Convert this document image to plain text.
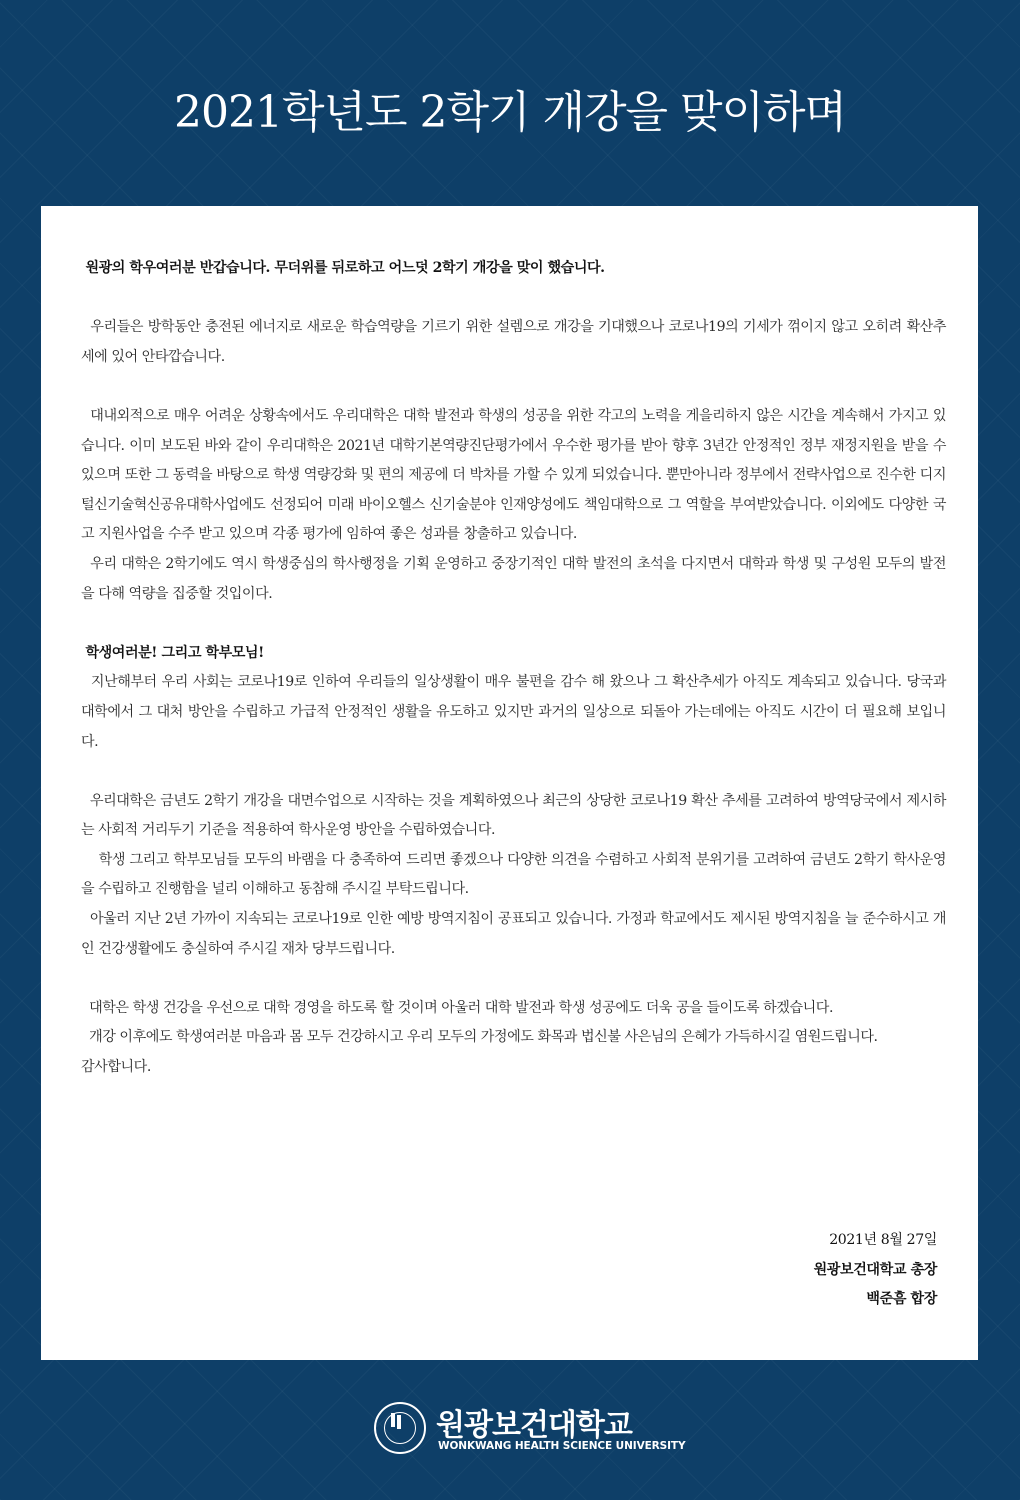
2021학년도 2학기 개강을 맞이하며

원광의 학우여러분 반갑습니다. 무더위를 뒤로하고 어느덧 2학기 개강을 맞이 했습니다.

우리들은 방학동안 충전된 에너지로 새로운 학습역량을 기르기 위한 설렘으로 개강을 기대했으나 코로나19의 기세가 꺾이지 않고 오히려 확산추세에 있어 안타깝습니다.

대내외적으로 매우 어려운 상황속에서도 우리대학은 대학 발전과 학생의 성공을 위한 각고의 노력을 게을리하지 않은 시간을 계속해서 가지고 있습니다. 이미 보도된 바와 같이 우리대학은 2021년 대학기본역량진단평가에서 우수한 평가를 받아 향후 3년간 안정적인 정부 재정지원을 받을 수 있으며 또한 그 동력을 바탕으로 학생 역량강화 및 편의 제공에 더 박차를 가할 수 있게 되었습니다. 뿐만아니라 정부에서 전략사업으로 진수한 디지털신기술혁신공유대학사업에도 선정되어 미래 바이오헬스 신기술분야 인재양성에도 책임대학으로 그 역할을 부여받았습니다. 이외에도 다양한 국고 지원사업을 수주 받고 있으며 각종 평가에 임하여 좋은 성과를 창출하고 있습니다.

우리 대학은 2학기에도 역시 학생중심의 학사행정을 기획 운영하고 중장기적인 대학 발전의 초석을 다지면서 대학과 학생 및 구성원 모두의 발전을 다해 역량을 집중할 것입이다.

학생여러분! 그리고 학부모님!

지난해부터 우리 사회는 코로나19로 인하여 우리들의 일상생활이 매우 불편을 감수 해 왔으나 그 확산추세가 아직도 계속되고 있습니다. 당국과 대학에서 그 대처 방안을 수립하고 가급적 안정적인 생활을 유도하고 있지만 과거의 일상으로 되돌아 가는데에는 아직도 시간이 더 필요해 보입니다.

우리대학은 금년도 2학기 개강을 대면수업으로 시작하는 것을 계획하였으나 최근의 상당한 코로나19 확산 추세를 고려하여 방역당국에서 제시하는 사회적 거리두기 기준을 적용하여 학사운영 방안을 수립하였습니다.

학생 그리고 학부모님들 모두의 바램을 다 충족하여 드리면 좋겠으나 다양한 의견을 수렴하고 사회적 분위기를 고려하여 금년도 2학기 학사운영을 수립하고 진행함을 널리 이해하고 동참해 주시길 부탁드립니다.

아울러 지난 2년 가까이 지속되는 코로나19로 인한 예방 방역지침이 공표되고 있습니다. 가정과 학교에서도 제시된 방역지침을 늘 준수하시고 개인 건강생활에도 충실하여 주시길 재차 당부드립니다.

대학은 학생 건강을 우선으로 대학 경영을 하도록 할 것이며 아울러 대학 발전과 학생 성공에도 더욱 공을 들이도록 하겠습니다.

개강 이후에도 학생여러분 마음과 몸 모두 건강하시고 우리 모두의 가정에도 화목과 법신불 사은님의 은혜가 가득하시길 염원드립니다.

감사합니다.

2021년 8월 27일
원광보건대학교 총장
백준흠 합장
원광보건대학교
WONKWANG HEALTH SCIENCE UNIVERSITY
